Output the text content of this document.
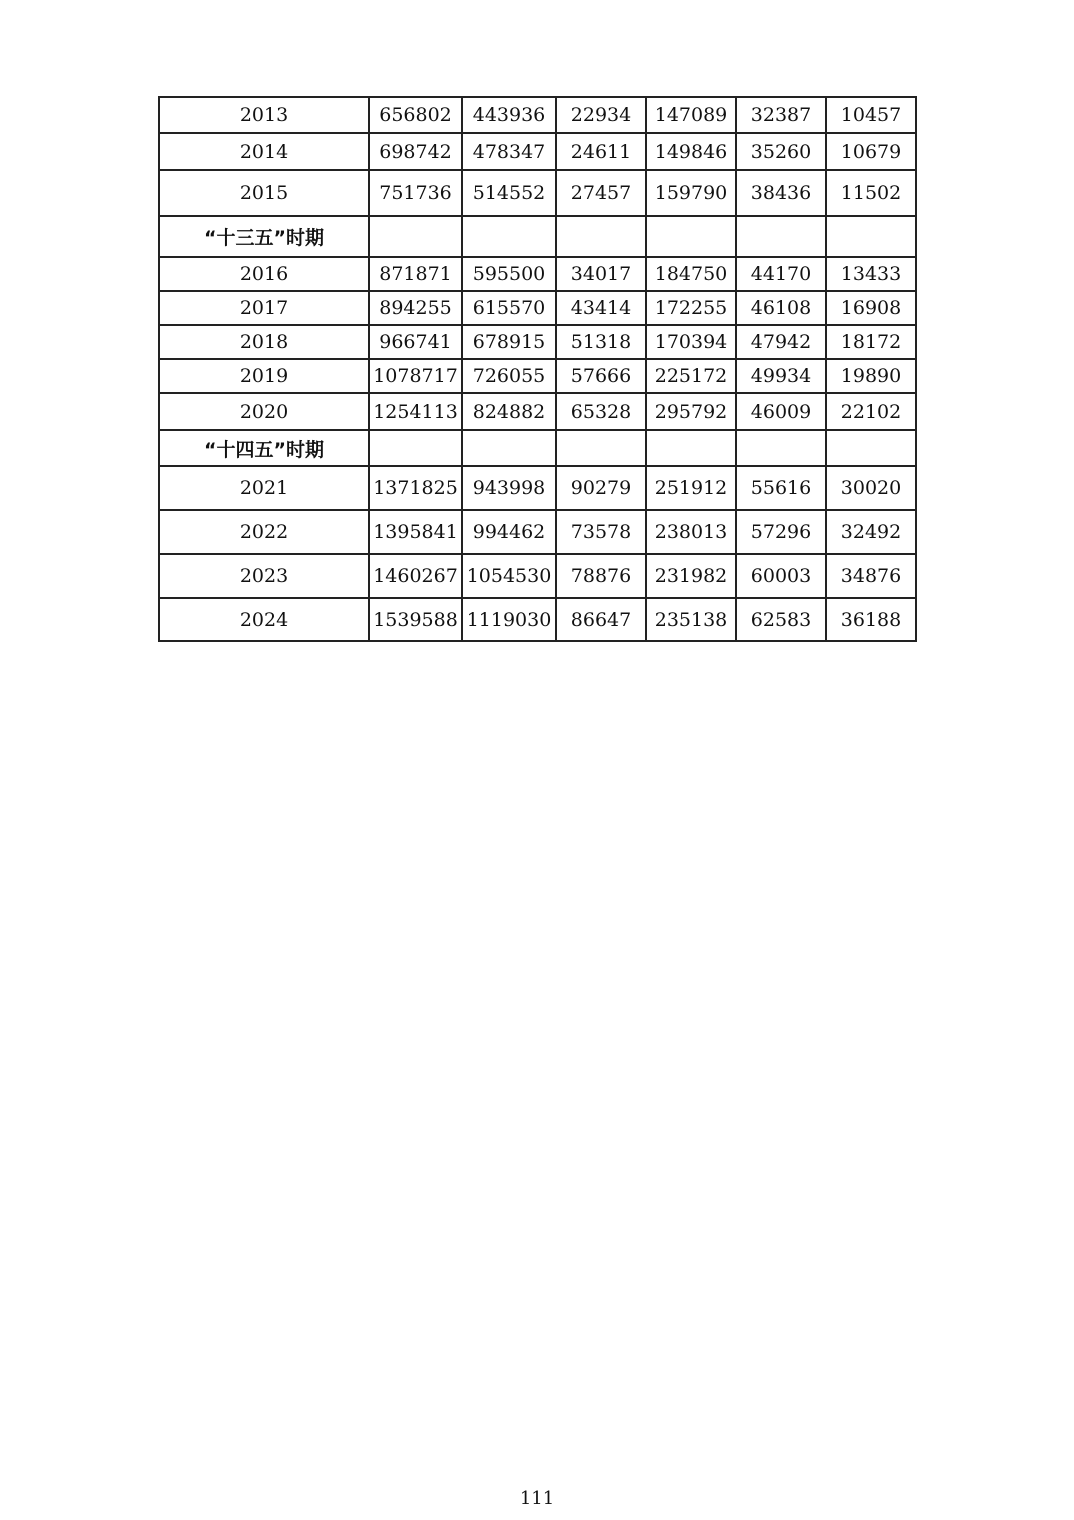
2013	656802	443936	22934	147089	32387	10457
2014	698742	478347	24611	149846	35260	10679
2015	751736	514552	27457	159790	38436	11502
“十三五”时期						
2016	871871	595500	34017	184750	44170	13433
2017	894255	615570	43414	172255	46108	16908
2018	966741	678915	51318	170394	47942	18172
2019	1078717	726055	57666	225172	49934	19890
2020	1254113	824882	65328	295792	46009	22102
“十四五”时期						
2021	1371825	943998	90279	251912	55616	30020
2022	1395841	994462	73578	238013	57296	32492
2023	1460267	1054530	78876	231982	60003	34876
2024	1539588	1119030	86647	235138	62583	36188
111
